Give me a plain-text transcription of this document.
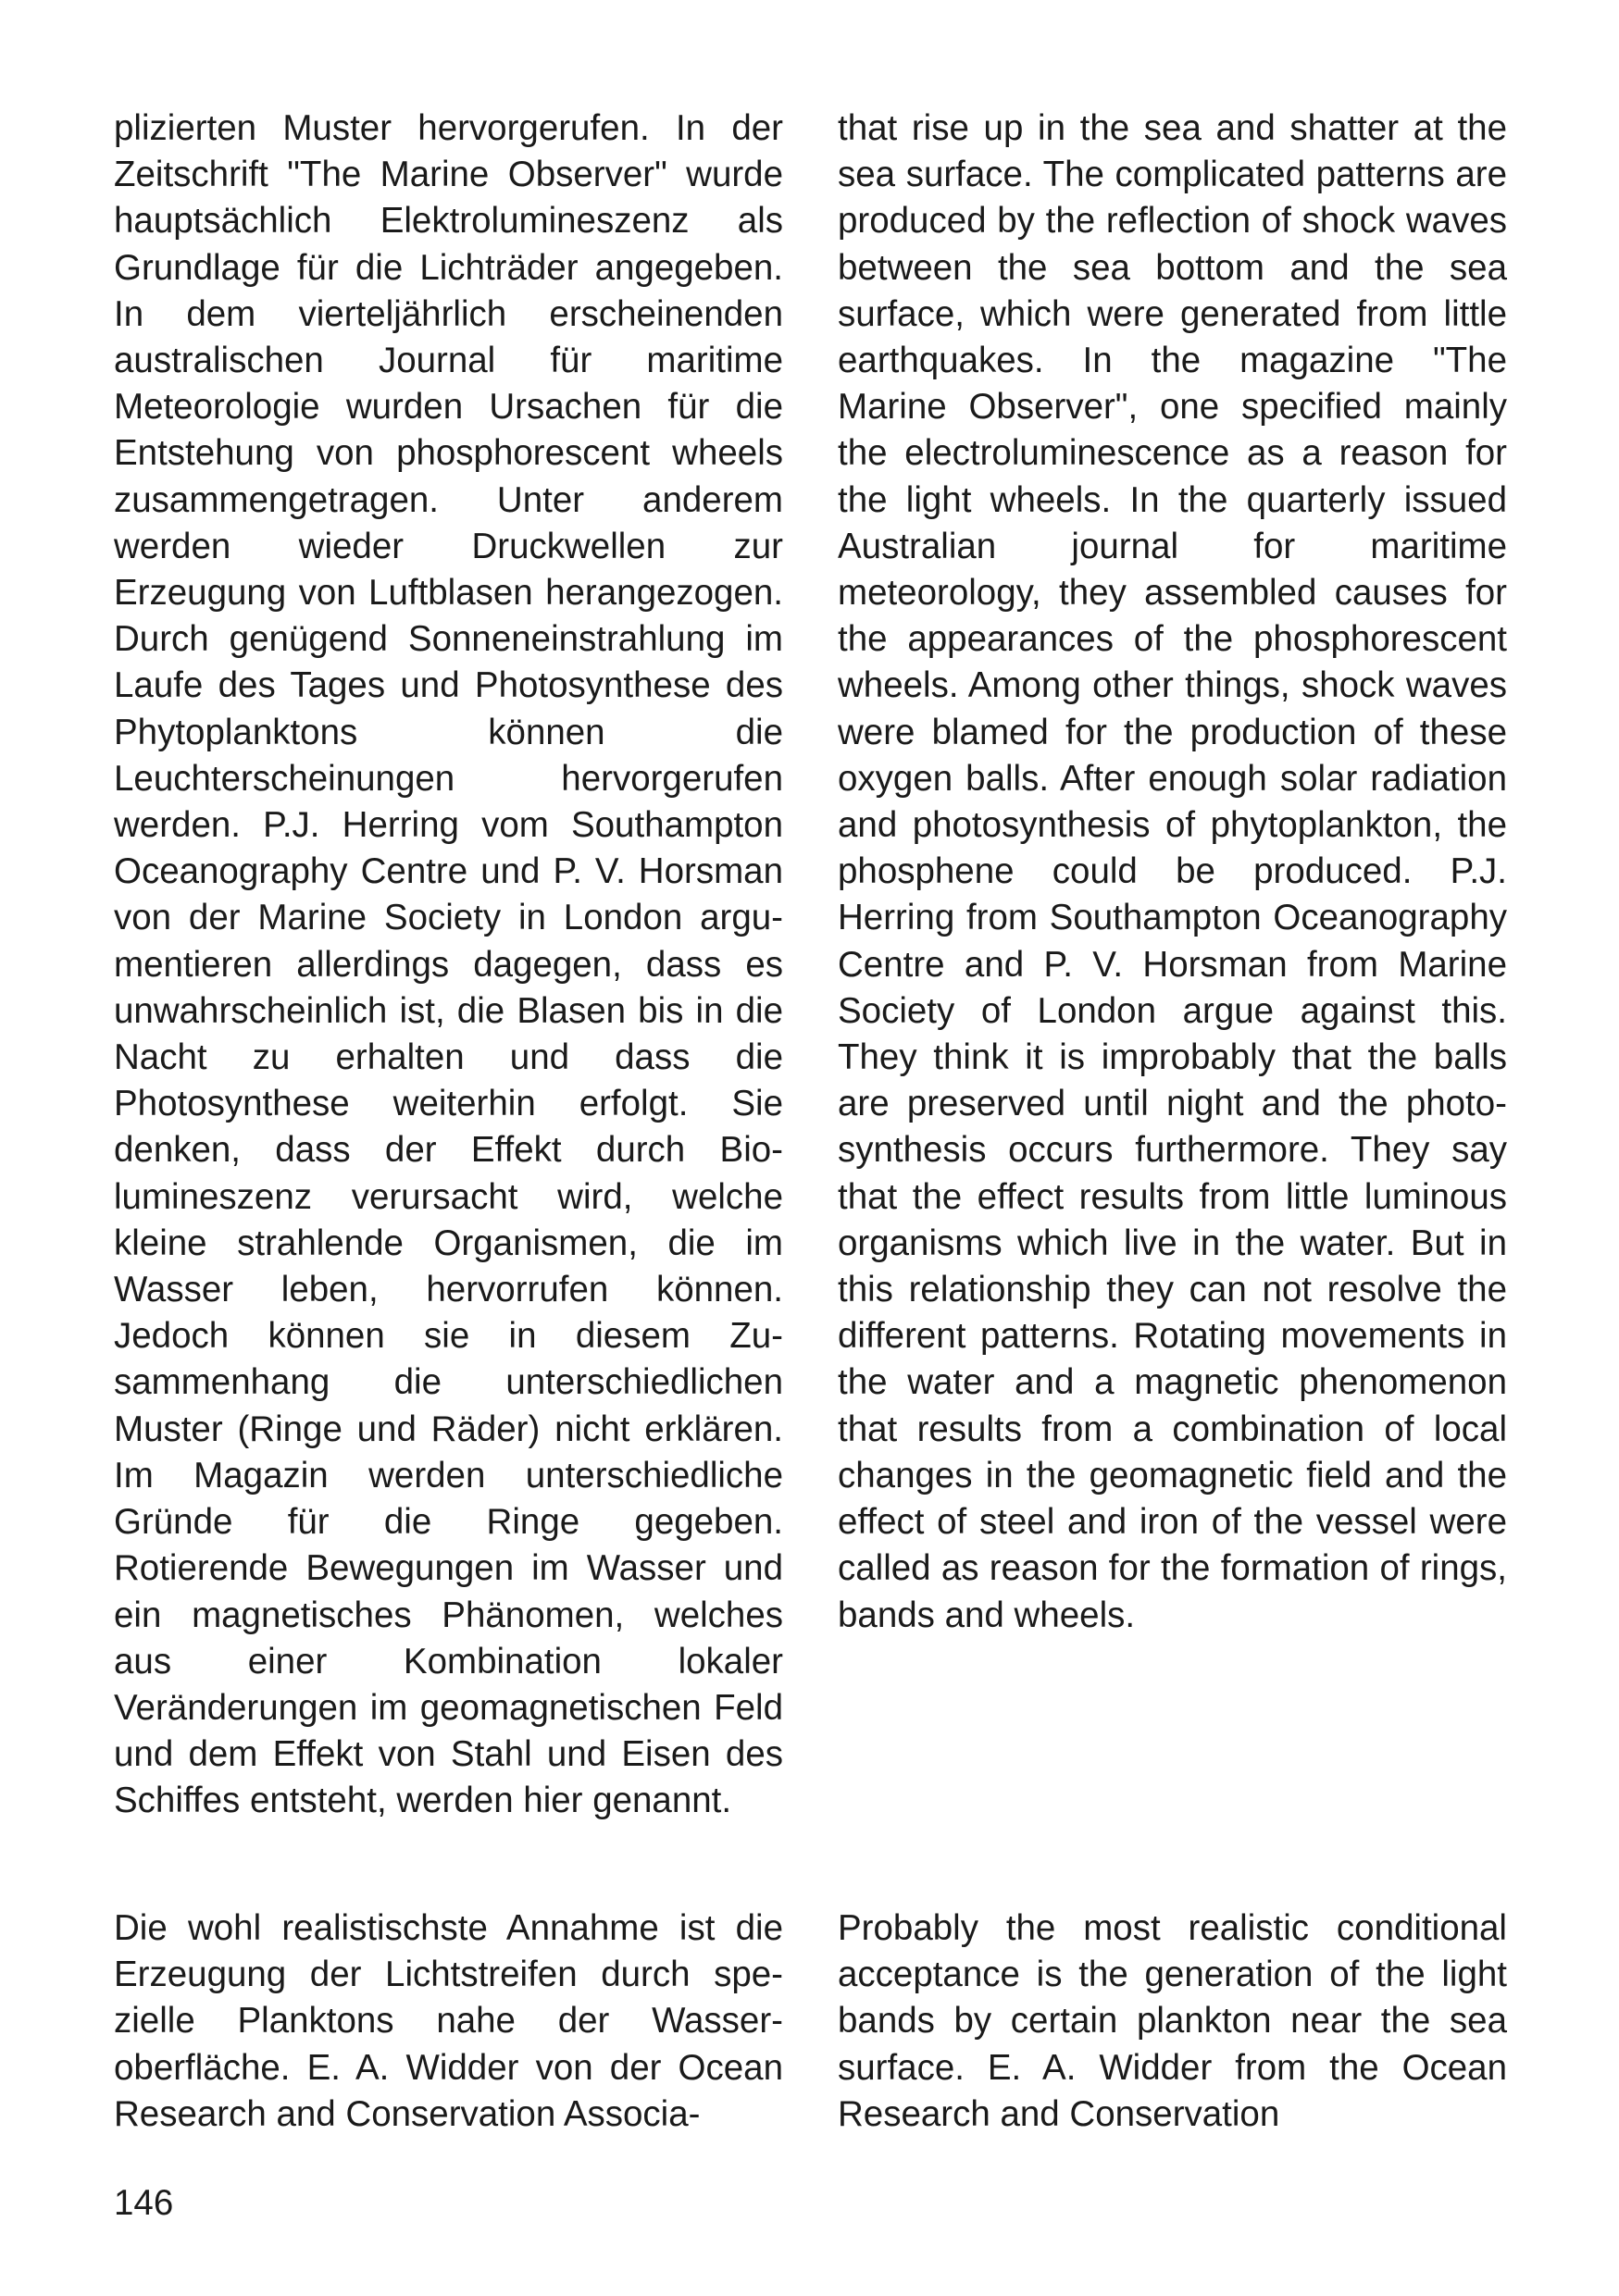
plizierten Muster hervorgerufen. In der Zeitschrift "The Marine Observer" wurde hauptsächlich Elektrolumineszenz als Grundlage für die Lichträder angegeben. In dem vierteljährlich erscheinenden australischen Journal für maritime Meteorologie wurden Ursachen für die Entstehung von phosphorescent wheels zusammengetragen. Unter anderem werden wieder Druckwellen zur Erzeugung von Luftblasen herangezogen. Durch genügend Sonneneinstrahlung im Laufe des Tages und Photosynthese des Phytoplanktons können die Leuchterscheinungen hervorgerufen werden. P.J. Herring vom Southampton Oceanography Centre und P. V. Horsman von der Marine Society in London argumentieren allerdings dagegen, dass es unwahrscheinlich ist, die Blasen bis in die Nacht zu erhalten und dass die Photosynthese weiterhin erfolgt. Sie denken, dass der Effekt durch Biolumineszenz verursacht wird, welche kleine strahlende Organismen, die im Wasser leben, hervorrufen können. Jedoch können sie in diesem Zusammenhang die unterschiedlichen Muster (Ringe und Räder) nicht erklären. Im Magazin werden unterschiedliche Gründe für die Ringe gegeben. Rotierende Bewegungen im Wasser und ein magnetisches Phänomen, welches aus einer Kombination lokaler Veränderungen im geomagnetischen Feld und dem Effekt von Stahl und Eisen des Schiffes entsteht, werden hier genannt.

that rise up in the sea and shatter at the sea surface. The complicated patterns are produced by the reflection of shock waves between the sea bottom and the sea surface, which were generated from little earthquakes. In the magazine "The Marine Observer", one specified mainly the electroluminescence as a reason for the light wheels. In the quarterly issued Australian journal for maritime meteorology, they assembled causes for the appearances of the phosphorescent wheels. Among other things, shock waves were blamed for the production of these oxygen balls. After enough solar radiation and photosynthesis of phytoplankton, the phosphene could be produced. P.J. Herring from Southampton Oceanography Centre and P. V. Horsman from Marine Society of London argue against this. They think it is improbably that the balls are preserved until night and the photosynthesis occurs furthermore. They say that the effect results from little luminous organisms which live in the water. But in this relationship they can not resolve the different patterns. Rotating movements in the water and a magnetic phenomenon that results from a combination of local changes in the geomagnetic field and the effect of steel and iron of the vessel were called as reason for the formation of rings, bands and wheels.

Die wohl realistischste Annahme ist die Erzeugung der Lichtstreifen durch spezielle Planktons nahe der Wasseroberfläche. E. A. Widder von der Ocean Research and Conservation Associa-

Probably the most realistic conditional acceptance is the generation of the light bands by certain plankton near the sea surface. E. A. Widder from the Ocean Research and Conservation

146
